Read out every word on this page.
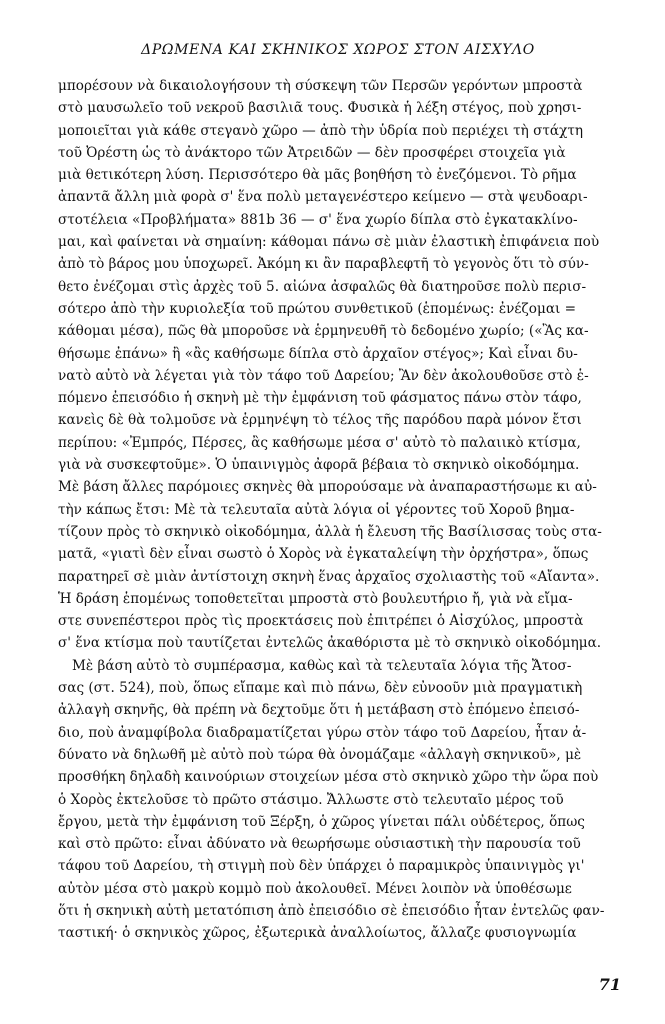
ΔΡΩΜΕΝΑ ΚΑΙ ΣΚΗΝΙΚΟΣ ΧΩΡΟΣ ΣΤΟΝ ΑΙΣΧΥΛΟ
μπορέσουν νὰ δικαιολογήσουν τὴ σύσκεψη τῶν Περσῶν γερόντων μπροστὰ
στὸ μαυσωλεῖο τοῦ νεκροῦ βασιλιᾶ τους. Φυσικὰ ἡ λέξη στέγος, ποὺ χρησι-
μοποιεῖται γιὰ κάθε στεγανὸ χῶρο — ἀπὸ τὴν ὑδρία ποὺ περιέχει τὴ στάχτη
τοῦ Ὀρέστη ὡς τὸ ἀνάκτορο τῶν Ἀτρειδῶν — δὲν προσφέρει στοιχεῖα γιὰ
μιὰ θετικότερη λύση. Περισσότερο θὰ μᾶς βοηθήση τὸ ἐνεζόμενοι. Τὸ ρῆμα
ἀπαντᾶ ἄλλη μιὰ φορὰ σ' ἕνα πολὺ μεταγενέστερο κείμενο — στὰ ψευδοαρι-
στοτέλεια «Προβλήματα» 881b 36 — σ' ἕνα χωρίο δίπλα στὸ ἐγκατακλίνο-
μαι, καὶ φαίνεται νὰ σημαίνη: κάθομαι πάνω σὲ μιὰν ἐλαστικὴ ἐπιφάνεια ποὺ
ἀπὸ τὸ βάρος μου ὑποχωρεῖ. Ἀκόμη κι ἂν παραβλεφτῆ τὸ γεγονὸς ὅτι τὸ σύν-
θετο ἐνέζομαι στὶς ἀρχὲς τοῦ 5. αἰώνα ἀσφαλῶς θὰ διατηροῦσε πολὺ περισ-
σότερο ἀπὸ τὴν κυριολεξία τοῦ πρώτου συνθετικοῦ (ἑπομένως: ἐνέζομαι =
κάθομαι μέσα), πῶς θὰ μποροῦσε νὰ ἑρμηνευθῆ τὸ δεδομένο χωρίο; («Ἂς κα-
θήσωμε ἐπάνω» ἢ «ἂς καθήσωμε δίπλα στὸ ἀρχαῖον στέγος»; Καὶ εἶναι δυ-
νατὸ αὐτὸ νὰ λέγεται γιὰ τὸν τάφο τοῦ Δαρείου; Ἂν δὲν ἀκολουθοῦσε στὸ ἑ-
πόμενο ἐπεισόδιο ἡ σκηνὴ μὲ τὴν ἐμφάνιση τοῦ φάσματος πάνω στὸν τάφο,
κανεὶς δὲ θὰ τολμοῦσε νὰ ἑρμηνέψη τὸ τέλος τῆς παρόδου παρὰ μόνον ἔτσι
περίπου: «Ἐμπρός, Πέρσες, ἂς καθήσωμε μέσα σ' αὐτὸ τὸ παλαιικὸ κτίσμα,
γιὰ νὰ συσκεφτοῦμε». Ὁ ὑπαινιγμὸς ἀφορᾶ βέβαια τὸ σκηνικὸ οἰκοδόμημα.
Μὲ βάση ἄλλες παρόμοιες σκηνὲς θὰ μπορούσαμε νὰ ἀναπαραστήσωμε κι αὐ-
τὴν κάπως ἔτσι: Μὲ τὰ τελευταῖα αὐτὰ λόγια οἱ γέροντες τοῦ Χοροῦ βημα-
τίζουν πρὸς τὸ σκηνικὸ οἰκοδόμημα, ἀλλὰ ἡ ἔλευση τῆς Βασίλισσας τοὺς στα-
ματᾶ, «γιατὶ δὲν εἶναι σωστὸ ὁ Χορὸς νὰ ἐγκαταλείψη τὴν ὀρχήστρα», ὅπως
παρατηρεῖ σὲ μιὰν ἀντίστοιχη σκηνὴ ἕνας ἀρχαῖος σχολιαστὴς τοῦ «Αἴαντα».
Ἡ δράση ἑπομένως τοποθετεῖται μπροστὰ στὸ βουλευτήριο ἤ, γιὰ νὰ εἴμα-
στε συνεπέστεροι πρὸς τὶς προεκτάσεις ποὺ ἐπιτρέπει ὁ Αἰσχύλος, μπροστὰ
σ' ἕνα κτίσμα ποὺ ταυτίζεται ἐντελῶς ἀκαθόριστα μὲ τὸ σκηνικὸ οἰκοδόμημα.
Μὲ βάση αὐτὸ τὸ συμπέρασμα, καθὼς καὶ τὰ τελευταῖα λόγια τῆς Ἄτοσ-
σας (στ. 524), ποὺ, ὅπως εἴπαμε καὶ πιὸ πάνω, δὲν εὐνοοῦν μιὰ πραγματικὴ
ἀλλαγὴ σκηνῆς, θὰ πρέπη νὰ δεχτοῦμε ὅτι ἡ μετάβαση στὸ ἑπόμενο ἐπεισό-
διο, ποὺ ἀναμφίβολα διαδραματίζεται γύρω στὸν τάφο τοῦ Δαρείου, ἦταν ἀ-
δύνατο νὰ δηλωθῆ μὲ αὐτὸ ποὺ τώρα θὰ ὀνομάζαμε «ἀλλαγὴ σκηνικοῦ», μὲ
προσθήκη δηλαδὴ καινούριων στοιχείων μέσα στὸ σκηνικὸ χῶρο τὴν ὥρα ποὺ
ὁ Χορὸς ἐκτελοῦσε τὸ πρῶτο στάσιμο. Ἄλλωστε στὸ τελευταῖο μέρος τοῦ
ἔργου, μετὰ τὴν ἐμφάνιση τοῦ Ξέρξη, ὁ χῶρος γίνεται πάλι οὐδέτερος, ὅπως
καὶ στὸ πρῶτο: εἶναι ἀδύνατο νὰ θεωρήσωμε οὐσιαστικὴ τὴν παρουσία τοῦ
τάφου τοῦ Δαρείου, τὴ στιγμὴ ποὺ δὲν ὑπάρχει ὁ παραμικρὸς ὑπαινιγμὸς γι'
αὐτὸν μέσα στὸ μακρὺ κομμὸ ποὺ ἀκολουθεῖ. Μένει λοιπὸν νὰ ὑποθέσωμε
ὅτι ἡ σκηνικὴ αὐτὴ μετατόπιση ἀπὸ ἐπεισόδιο σὲ ἐπεισόδιο ἦταν ἐντελῶς φαν-
ταστική· ὁ σκηνικὸς χῶρος, ἐξωτερικὰ ἀναλλοίωτος, ἄλλαζε φυσιογνωμία
71
